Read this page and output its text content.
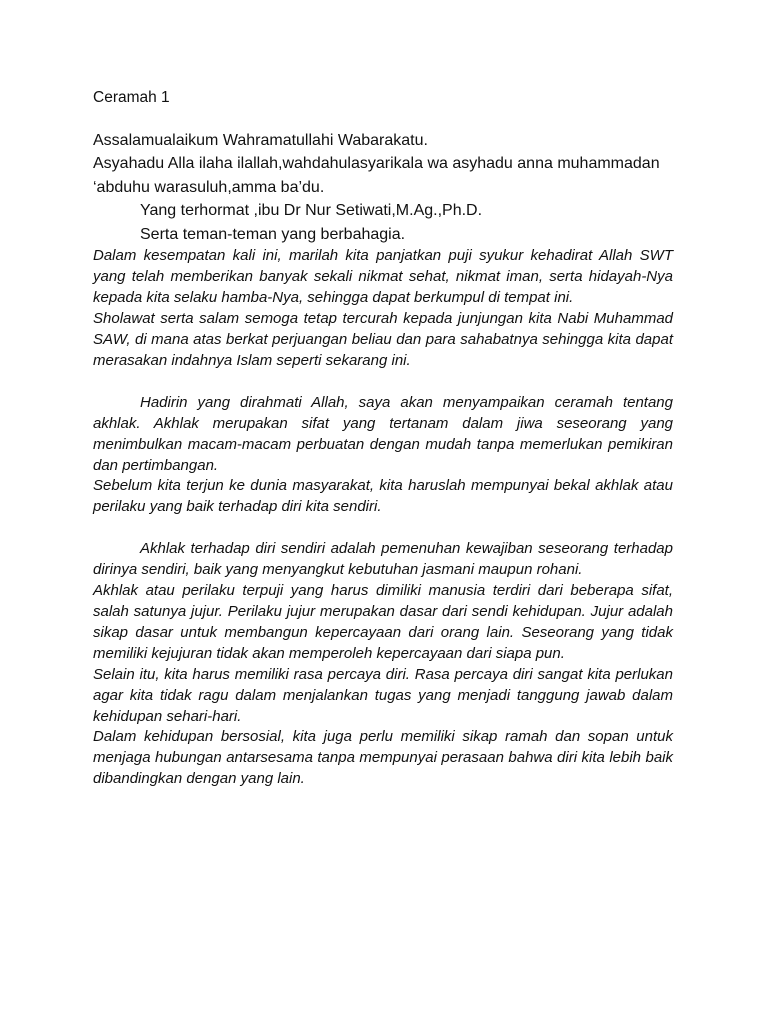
Ceramah 1

Assalamualaikum Wahramatullahi Wabarakatu.

Asyahadu Alla ilaha ilallah,wahdahulasyarikala wa asyhadu anna muhammadan

‘abduhu warasuluh,amma ba’du.

Yang terhormat ,ibu Dr Nur Setiwati,M.Ag.,Ph.D.

Serta teman-teman yang berbahagia.

Dalam kesempatan kali ini, marilah kita panjatkan puji syukur kehadirat Allah SWT yang telah memberikan banyak sekali nikmat sehat, nikmat iman, serta hidayah-Nya kepada kita selaku hamba-Nya, sehingga dapat berkumpul di tempat ini.

Sholawat serta salam semoga tetap tercurah kepada junjungan kita Nabi Muhammad SAW, di mana atas berkat perjuangan beliau dan para sahabatnya sehingga kita dapat merasakan indahnya Islam seperti sekarang ini.

Hadirin yang dirahmati Allah, saya akan menyampaikan ceramah tentang akhlak. Akhlak merupakan sifat yang tertanam dalam jiwa seseorang yang menimbulkan macam-macam perbuatan dengan mudah tanpa memerlukan pemikiran dan pertimbangan.

Sebelum kita terjun ke dunia masyarakat, kita haruslah mempunyai bekal akhlak atau perilaku yang baik terhadap diri kita sendiri.

Akhlak terhadap diri sendiri adalah pemenuhan kewajiban seseorang terhadap dirinya sendiri, baik yang menyangkut kebutuhan jasmani maupun rohani.

Akhlak atau perilaku terpuji yang harus dimiliki manusia terdiri dari beberapa sifat, salah satunya jujur. Perilaku jujur merupakan dasar dari sendi kehidupan. Jujur adalah sikap dasar untuk membangun kepercayaan dari orang lain. Seseorang yang tidak memiliki kejujuran tidak akan memperoleh kepercayaan dari siapa pun.

Selain itu, kita harus memiliki rasa percaya diri. Rasa percaya diri sangat kita perlukan agar kita tidak ragu dalam menjalankan tugas yang menjadi tanggung jawab dalam kehidupan sehari-hari.

Dalam kehidupan bersosial, kita juga perlu memiliki sikap ramah dan sopan untuk menjaga hubungan antarsesama tanpa mempunyai perasaan bahwa diri kita lebih baik dibandingkan dengan yang lain.
